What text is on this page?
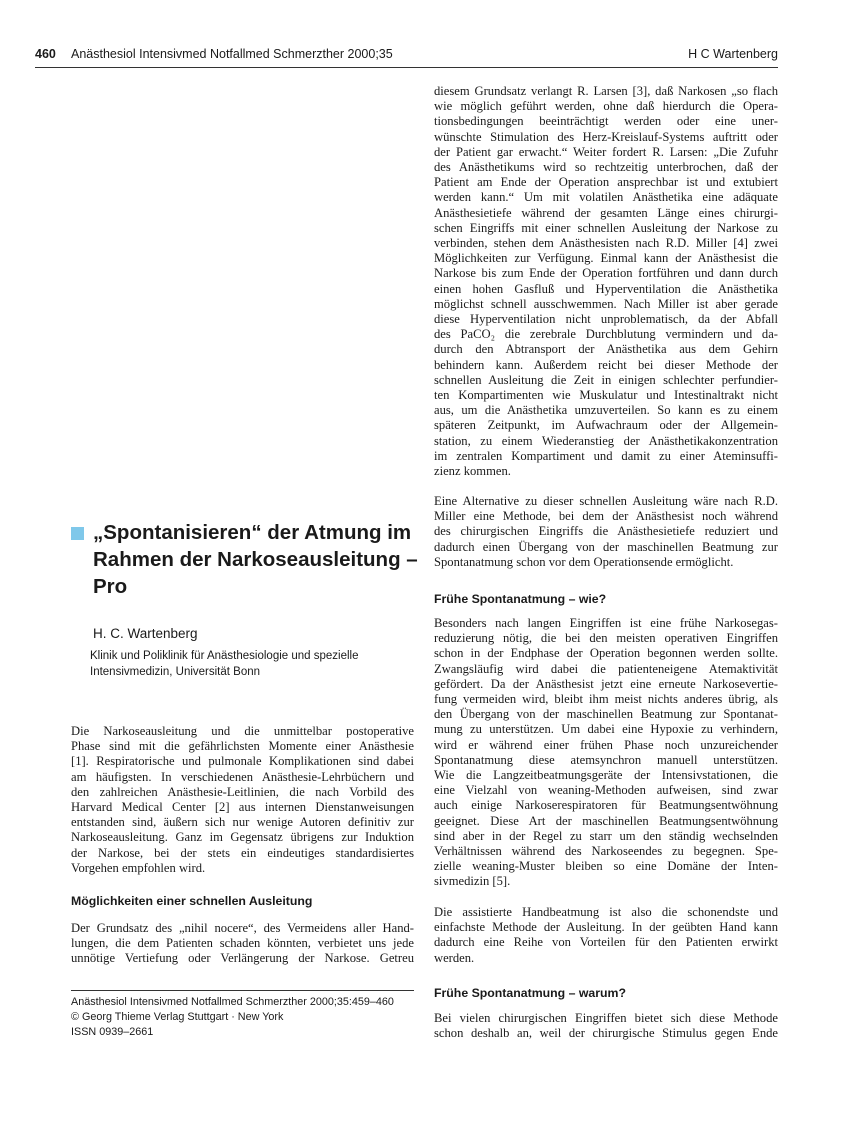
460 Anästhesiol Intensivmed Notfallmed Schmerzther 2000;35	H C Wartenberg
„Spontanisieren“ der Atmung im Rahmen der Narkoseausleitung – Pro
H. C. Wartenberg
Klinik und Poliklinik für Anästhesiologie und spezielle
Intensivmedizin, Universität Bonn
Die Narkoseausleitung und die unmittelbar postoperative
Phase sind mit die gefährlichsten Momente einer Anästhesie
[1]. Respiratorische und pulmonale Komplikationen sind dabei
am häufigsten. In verschiedenen Anästhesie-Lehrbüchern und
den zahlreichen Anästhesie-Leitlinien, die nach Vorbild des
Harvard Medical Center [2] aus internen Dienstanweisungen
entstanden sind, äußern sich nur wenige Autoren definitiv zur
Narkoseausleitung. Ganz im Gegensatz übrigens zur Induktion
der Narkose, bei der stets ein eindeutiges standardisiertes
Vorgehen empfohlen wird.
Möglichkeiten einer schnellen Ausleitung
Der Grundsatz des „nihil nocere“, des Vermeidens aller Hand-
lungen, die dem Patienten schaden könnten, verbietet uns jede
unnötige Vertiefung oder Verlängerung der Narkose. Getreu
Anästhesiol Intensivmed Notfallmed Schmerzther 2000;35:459–460
© Georg Thieme Verlag Stuttgart · New York
ISSN 0939–2661
diesem Grundsatz verlangt R. Larsen [3], daß Narkosen „so flach
wie möglich geführt werden, ohne daß hierdurch die Opera-
tionsbedingungen beeinträchtigt werden oder eine uner-
wünschte Stimulation des Herz-Kreislauf-Systems auftritt oder
der Patient gar erwacht.“ Weiter fordert R. Larsen: „Die Zufuhr
des Anästhetikums wird so rechtzeitig unterbrochen, daß der
Patient am Ende der Operation ansprechbar ist und extubiert
werden kann.“ Um mit volatilen Anästhetika eine adäquate
Anästhesietiefe während der gesamten Länge eines chirurgi-
schen Eingriffs mit einer schnellen Ausleitung der Narkose zu
verbinden, stehen dem Anästhesisten nach R.D. Miller [4] zwei
Möglichkeiten zur Verfügung. Einmal kann der Anästhesist die
Narkose bis zum Ende der Operation fortführen und dann durch
einen hohen Gasfluß und Hyperventilation die Anästhetika
möglichst schnell ausschwemmen. Nach Miller ist aber gerade
diese Hyperventilation nicht unproblematisch, da der Abfall
des PaCO₂ die zerebrale Durchblutung vermindern und da-
durch den Abtransport der Anästhetika aus dem Gehirn
behindern kann. Außerdem reicht bei dieser Methode der
schnellen Ausleitung die Zeit in einigen schlechter perfundier-
ten Kompartimenten wie Muskulatur und Intestinaltrakt nicht
aus, um die Anästhetika umzuverteilen. So kann es zu einem
späteren Zeitpunkt, im Aufwachraum oder der Allgemein-
station, zu einem Wiederanstieg der Anästhetikakonzentration
im zentralen Kompartiment und damit zu einer Ateminsuffi-
zienz kommen.
Eine Alternative zu dieser schnellen Ausleitung wäre nach R.D.
Miller eine Methode, bei dem der Anästhesist noch während
des chirurgischen Eingriffs die Anästhesietiefe reduziert und
dadurch einen Übergang von der maschinellen Beatmung zur
Spontanatmung schon vor dem Operationsende ermöglicht.
Frühe Spontanatmung – wie?
Besonders nach langen Eingriffen ist eine frühe Narkosegas-
reduzierung nötig, die bei den meisten operativen Eingriffen
schon in der Endphase der Operation begonnen werden sollte.
Zwangsläufig wird dabei die patienteneigene Atemaktivität
gefördert. Da der Anästhesist jetzt eine erneute Narkosevertie-
fung vermeiden wird, bleibt ihm meist nichts anderes übrig, als
den Übergang von der maschinellen Beatmung zur Spontanat-
mung zu unterstützen. Um dabei eine Hypoxie zu verhindern,
wird er während einer frühen Phase noch unzureichender
Spontanatmung diese atemsynchron manuell unterstützen.
Wie die Langzeitbeatmungsgeräte der Intensivstationen, die
eine Vielzahl von weaning-Methoden aufweisen, sind zwar
auch einige Narkoserespiratoren für Beatmungsentwöhnung
geeignet. Diese Art der maschinellen Beatmungsentwöhnung
sind aber in der Regel zu starr um den ständig wechselnden
Verhältnissen während des Narkoseendes zu begegnen. Spe-
zielle weaning-Muster bleiben so eine Domäne der Inten-
sivmedizin [5].
Die assistierte Handbeatmung ist also die schonendste und
einfachste Methode der Ausleitung. In der geübten Hand kann
dadurch eine Reihe von Vorteilen für den Patienten erwirkt
werden.
Frühe Spontanatmung – warum?
Bei vielen chirurgischen Eingriffen bietet sich diese Methode
schon deshalb an, weil der chirurgische Stimulus gegen Ende
